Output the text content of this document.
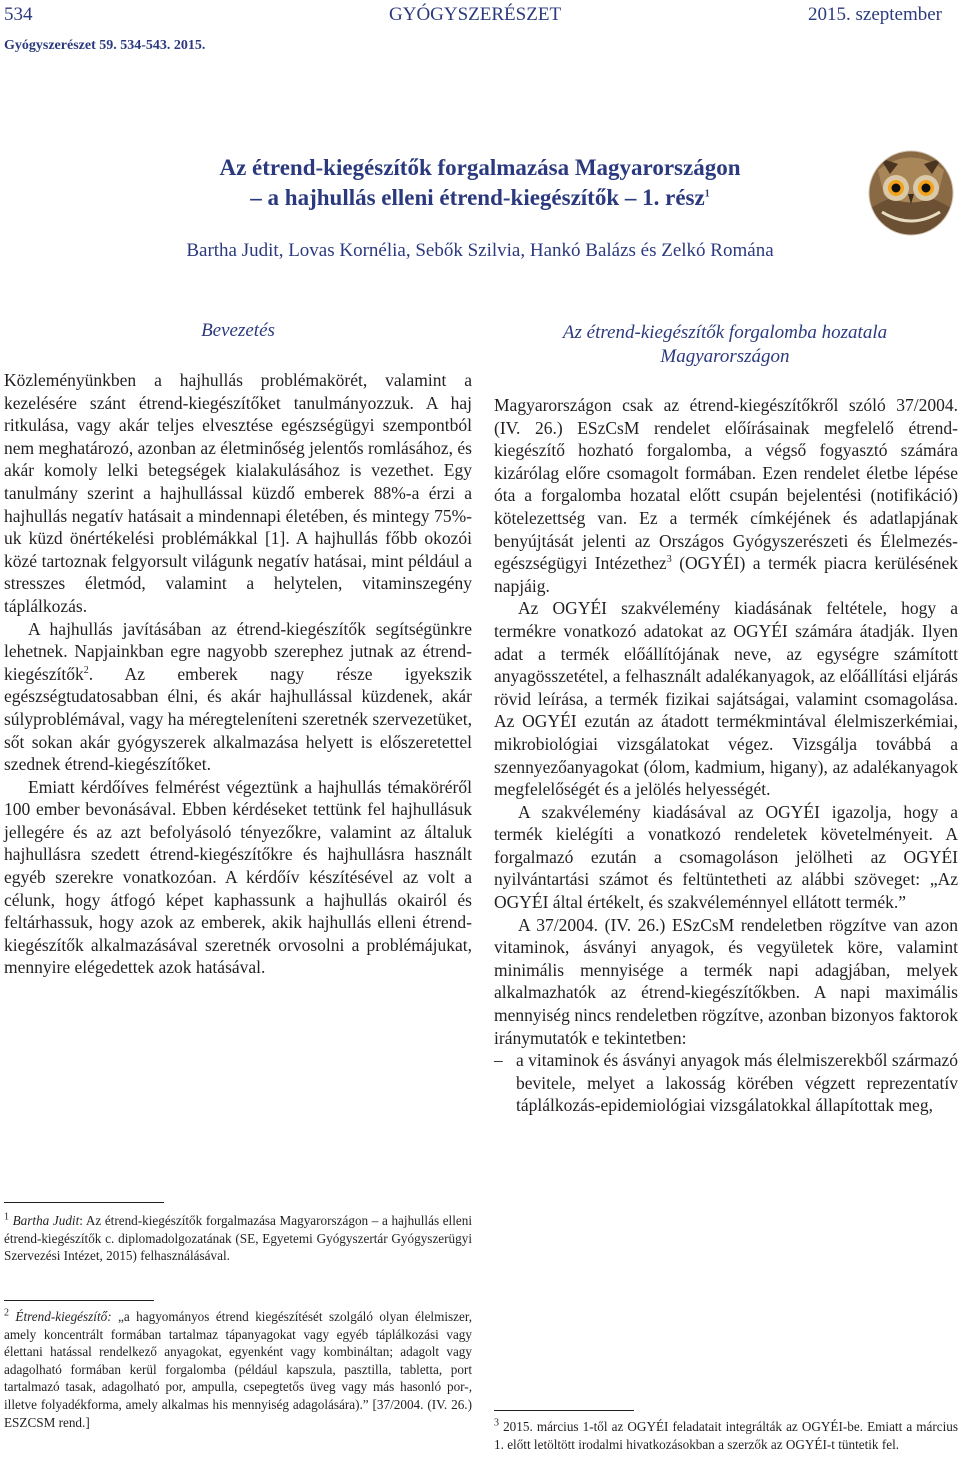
534	GYÓGYSZERÉSZET	2015. szeptember
Gyógyszerészet 59. 534-543. 2015.
Az étrend-kiegészítők forgalmazása Magyarországon
– a hajhullás elleni étrend-kiegészítők – 1. rész$^1$
Bartha Judit, Lovas Kornélia, Sebők Szilvia, Hankó Balázs és Zelkó Romána
Bevezetés

Közleményünkben a hajhullás problémakörét, valamint a kezelésére szánt étrend-kiegészítőket tanulmányozzuk. A haj ritkulása, vagy akár teljes elvesztése egészségügyi szempontból nem meghatározó, azonban az életminőség jelentős romlásához, és akár komoly lelki betegségek kialakulásához is vezethet. Egy tanulmány szerint a hajhullással küzdő emberek 88%-a érzi a hajhullás negatív hatásait a mindennapi életében, és mintegy 75%-uk küzd önértékelési problémákkal [1]. A hajhullás főbb okozói közé tartoznak felgyorsult világunk negatív hatásai, mint például a stresszes életmód, valamint a helytelen, vitaminszegény táplálkozás.

A hajhullás javításában az étrend-kiegészítők segítségünkre lehetnek. Napjainkban egre nagyobb szerephez jutnak az étrend-kiegészítők$^2$. Az emberek nagy része igyekszik egészségtudatosabban élni, és akár hajhullással küzdenek, akár súlyproblémával, vagy ha méregteleníteni szeretnék szervezetüket, sőt sokan akár gyógyszerek alkalmazása helyett is előszeretettel szednek étrend-kiegészítőket.

Emiatt kérdőíves felmérést végeztünk a hajhullás témaköréről 100 ember bevonásával. Ebben kérdéseket tettünk fel hajhullásuk jellegére és az azt befolyásoló tényezőkre, valamint az általuk hajhullásra szedett étrend-kiegészítőkre és hajhullásra használt egyéb szerekre vonatkozóan. A kérdőív készítésével az volt a célunk, hogy átfogó képet kaphassunk a hajhullás okairól és feltárhassuk, hogy azok az emberek, akik hajhullás elleni étrend-kiegészítők alkalmazásával szeretnék orvosolni a problémájukat, mennyire elégedettek azok hatásával.

$^1$ Bartha Judit: Az étrend-kiegészítők forgalmazása Magyarországon – a hajhullás elleni étrend-kiegészítők c. diplomadolgozatának (SE, Egyetemi Gyógyszertár Gyógyszerügyi Szervezési Intézet, 2015) felhasználásával.

$^2$ Étrend-kiegészítő: „a hagyományos étrend kiegészítését szolgáló olyan élelmiszer, amely koncentrált formában tartalmaz tápanyagokat vagy egyéb táplálkozási vagy élettani hatással rendelkező anyagokat, egyenként vagy kombináltan; adagolt vagy adagolható formában kerül forgalomba (például kapszula, pasztilla, tabletta, port tartalmazó tasak, adagolható por, ampulla, csepegtetős üveg vagy más hasonló por-, illetve folyadékforma, amely alkalmas his mennyiség adagolására).” [37/2004. (IV. 26.) ESZCSM rend.]

Az étrend-kiegészítők forgalomba hozatala
Magyarországon

Magyarországon csak az étrend-kiegészítőkről szóló 37/2004. (IV. 26.) ESzCsM rendelet előírásainak megfelelő étrend-kiegészítő hozható forgalomba, a végső fogyasztó számára kizárólag előre csomagolt formában. Ezen rendelet életbe lépése óta a forgalomba hozatal előtt csupán bejelentési (notifikáció) kötelezettség van. Ez a termék címkéjének és adatlapjának benyújtását jelenti az Országos Gyógyszerészeti és Élelmezés-egészségügyi Intézethez$^3$ (OGYÉI) a termék piacra kerülésének napjáig.

Az OGYÉI szakvélemény kiadásának feltétele, hogy a termékre vonatkozó adatokat az OGYÉI számára átadják. Ilyen adat a termék előállítójának neve, az egységre számított anyagösszetétel, a felhasznált adalékanyagok, az előállítási eljárás rövid leírása, a termék fizikai sajátságai, valamint csomagolása. Az OGYÉI ezután az átadott termékmintával élelmiszerkémiai, mikrobiológiai vizsgálatokat végez. Vizsgálja továbbá a szennyezőanyagokat (ólom, kadmium, higany), az adalékanyagok megfelelőségét és a jelölés helyességét.

A szakvélemény kiadásával az OGYÉI igazolja, hogy a termék kielégíti a vonatkozó rendeletek követelményeit. A forgalmazó ezután a csomagoláson jelölheti az OGYÉI nyilvántartási számot és feltüntetheti az alábbi szöveget: „Az OGYÉI által értékelt, és szakvéleménnyel ellátott termék.”

A 37/2004. (IV. 26.) ESzCsM rendeletben rögzítve van azon vitaminok, ásványi anyagok, és vegyületek köre, valamint minimális mennyisége a termék napi adagjában, melyek alkalmazhatók az étrend-kiegészítőkben. A napi maximális mennyiség nincs rendeletben rögzítve, azonban bizonyos faktorok iránymutatók e tekintetben:

– a vitaminok és ásványi anyagok más élelmiszerekből származó bevitele, melyet a lakosság körében végzett reprezentatív táplálkozás-epidemiológiai vizsgálatokkal állapítottak meg,

$^3$ 2015. március 1-től az OGYÉI feladatait integrálták az OGYÉI-be. Emiatt a március 1. előtt letöltött irodalmi hivatkozásokban a szerzők az OGYÉI-t tüntetik fel.
